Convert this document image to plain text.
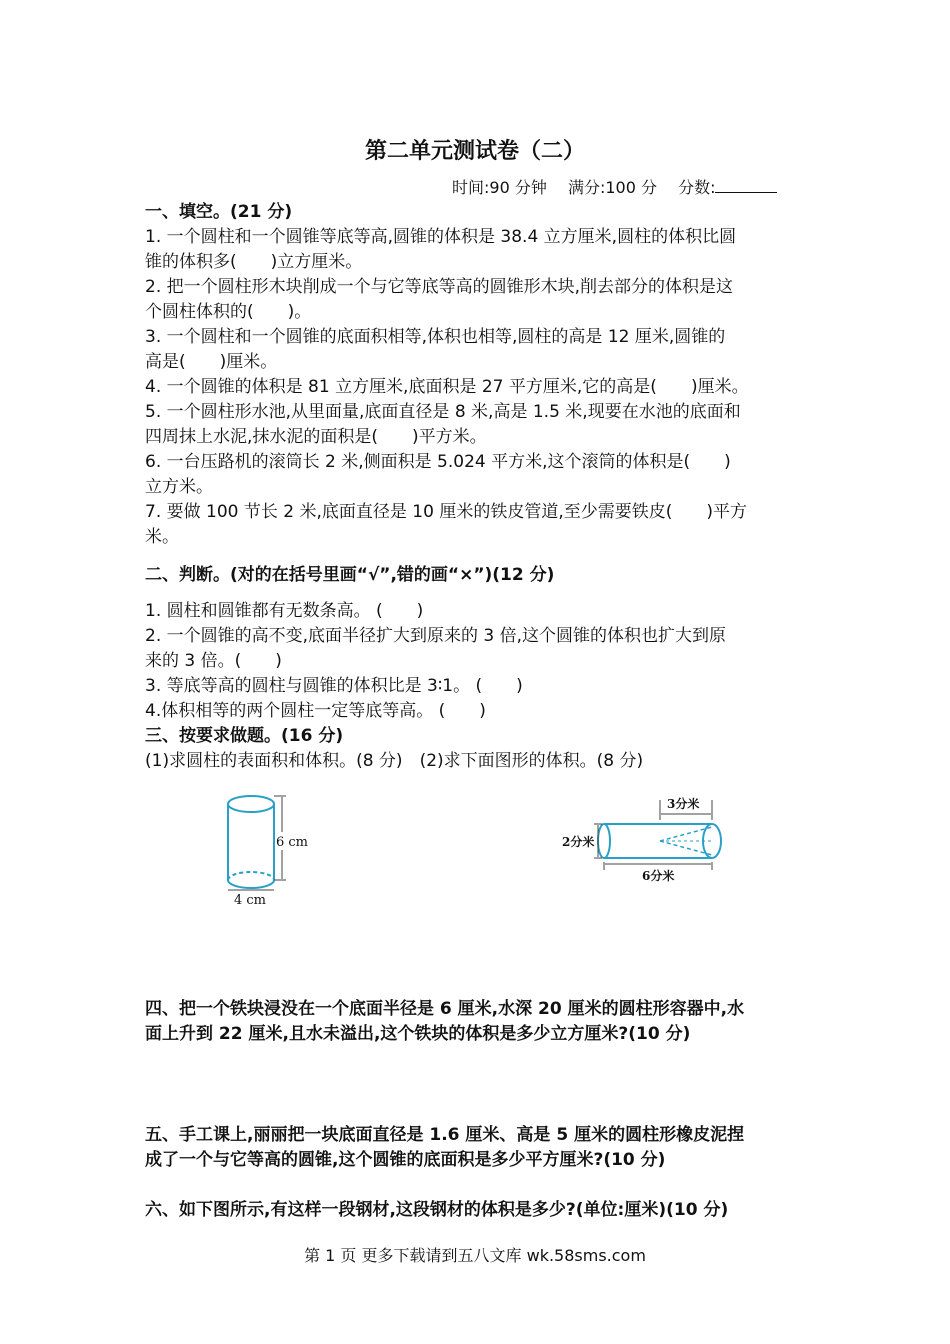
第二单元测试卷（二）
时间:90 分钟　 满分:100 分　 分数:
一、填空。(21 分)
1. 一个圆柱和一个圆锥等底等高,圆锥的体积是 38.4 立方厘米,圆柱的体积比圆
锥的体积多(　　)立方厘米。
2. 把一个圆柱形木块削成一个与它等底等高的圆锥形木块,削去部分的体积是这
个圆柱体积的(　　)。
3. 一个圆柱和一个圆锥的底面积相等,体积也相等,圆柱的高是 12 厘米,圆锥的
高是(　　)厘米。
4. 一个圆锥的体积是 81 立方厘米,底面积是 27 平方厘米,它的高是(　　)厘米。
5. 一个圆柱形水池,从里面量,底面直径是 8 米,高是 1.5 米,现要在水池的底面和
四周抹上水泥,抹水泥的面积是(　　)平方米。
6. 一台压路机的滚筒长 2 米,侧面积是 5.024 平方米,这个滚筒的体积是(　　)
立方米。
7. 要做 100 节长 2 米,底面直径是 10 厘米的铁皮管道,至少需要铁皮(　　)平方
米。
二、判断。(对的在括号里画“√”,错的画“×”)(12 分)
1. 圆柱和圆锥都有无数条高。 (　　)
2. 一个圆锥的高不变,底面半径扩大到原来的 3 倍,这个圆锥的体积也扩大到原
来的 3 倍。(　　)
3. 等底等高的圆柱与圆锥的体积比是 3∶1。 (　　)
4.体积相等的两个圆柱一定等底等高。 (　　)
三、按要求做题。(16 分)
(1)求圆柱的表面积和体积。(8 分)　(2)求下面图形的体积。(8 分)
6 cm
4 cm
3分米
2分米
6分米
四、把一个铁块浸没在一个底面半径是 6 厘米,水深 20 厘米的圆柱形容器中,水
面上升到 22 厘米,且水未溢出,这个铁块的体积是多少立方厘米?(10 分)
五、手工课上,丽丽把一块底面直径是 1.6 厘米、高是 5 厘米的圆柱形橡皮泥捏
成了一个与它等高的圆锥,这个圆锥的底面积是多少平方厘米?(10 分)
六、如下图所示,有这样一段钢材,这段钢材的体积是多少?(单位:厘米)(10 分)
第 1 页 更多下载请到五八文库 wk.58sms.com
